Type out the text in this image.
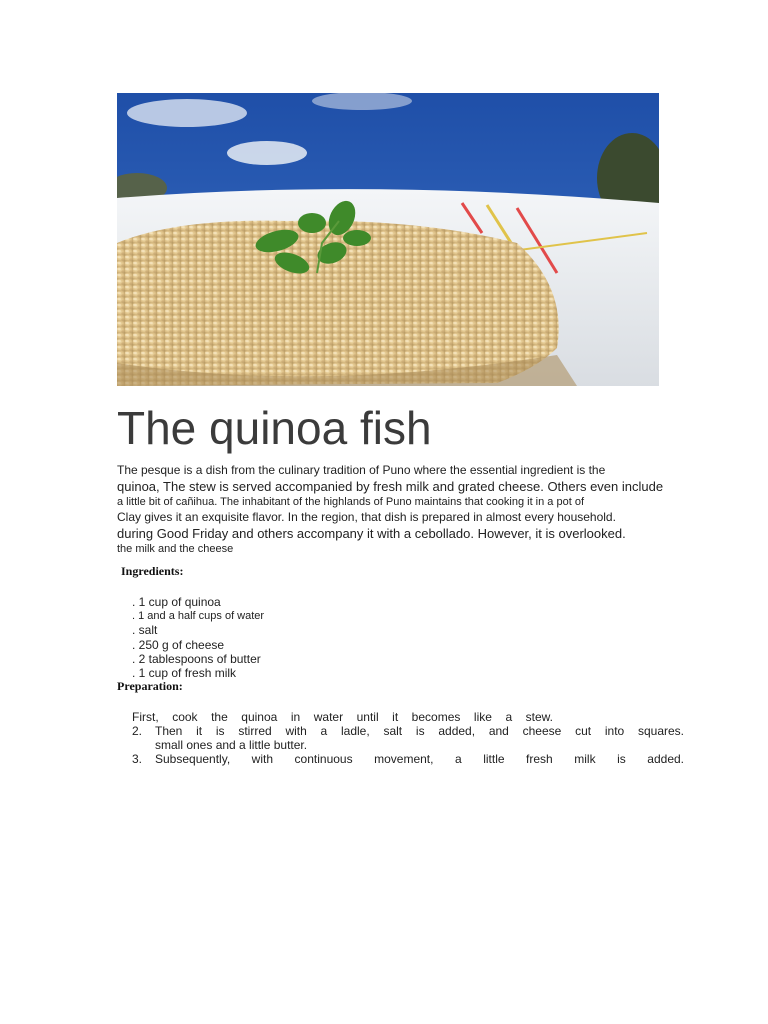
The quinoa fish
The pesque is a dish from the culinary tradition of Puno where the essential ingredient is the
quinoa, The stew is served accompanied by fresh milk and grated cheese. Others even include
a little bit of cañihua. The inhabitant of the highlands of Puno maintains that cooking it in a pot of
Clay gives it an exquisite flavor. In the region, that dish is prepared in almost every household.
during Good Friday and others accompany it with a cebollado. However, it is overlooked.
the milk and the cheese
Ingredients:
. 1 cup of quinoa
. 1 and a half cups of water
. salt
. 250 g of cheese
. 2 tablespoons of butter
. 1 cup of fresh milk
Preparation:
First, cook the quinoa in water until it becomes like a stew.
2. Then it is stirred with a ladle, salt is added, and cheese cut into squares.
small ones and a little butter.
3. Subsequently, with continuous movement, a little fresh milk is added.
